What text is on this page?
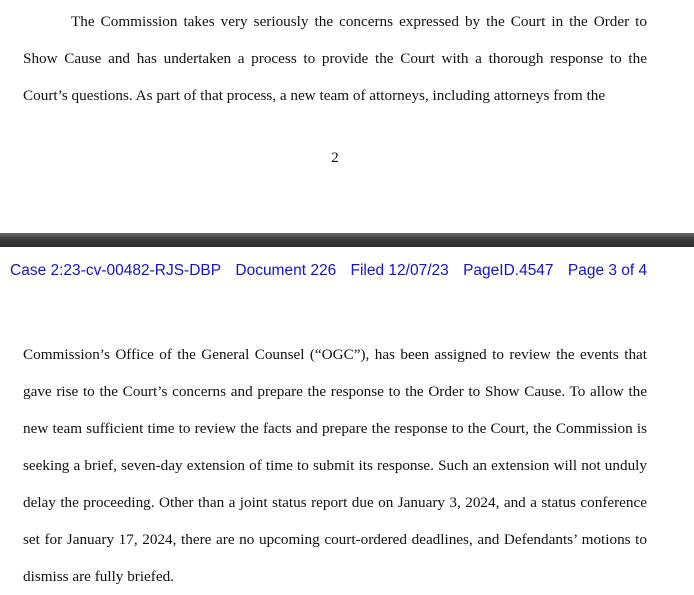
The Commission takes very seriously the concerns expressed by the Court in the Order to Show Cause and has undertaken a process to provide the Court with a thorough response to the Court’s questions. As part of that process, a new team of attorneys, including attorneys from the
2
Case 2:23-cv-00482-RJS-DBP Document 226 Filed 12/07/23 PageID.4547 Page 3 of 4
Commission’s Office of the General Counsel (“OGC”), has been assigned to review the events that gave rise to the Court’s concerns and prepare the response to the Order to Show Cause. To allow the new team sufficient time to review the facts and prepare the response to the Court, the Commission is seeking a brief, seven-day extension of time to submit its response. Such an extension will not unduly delay the proceeding. Other than a joint status report due on January 3, 2024, and a status conference set for January 17, 2024, there are no upcoming court-ordered deadlines, and Defendants’ motions to dismiss are fully briefed.
